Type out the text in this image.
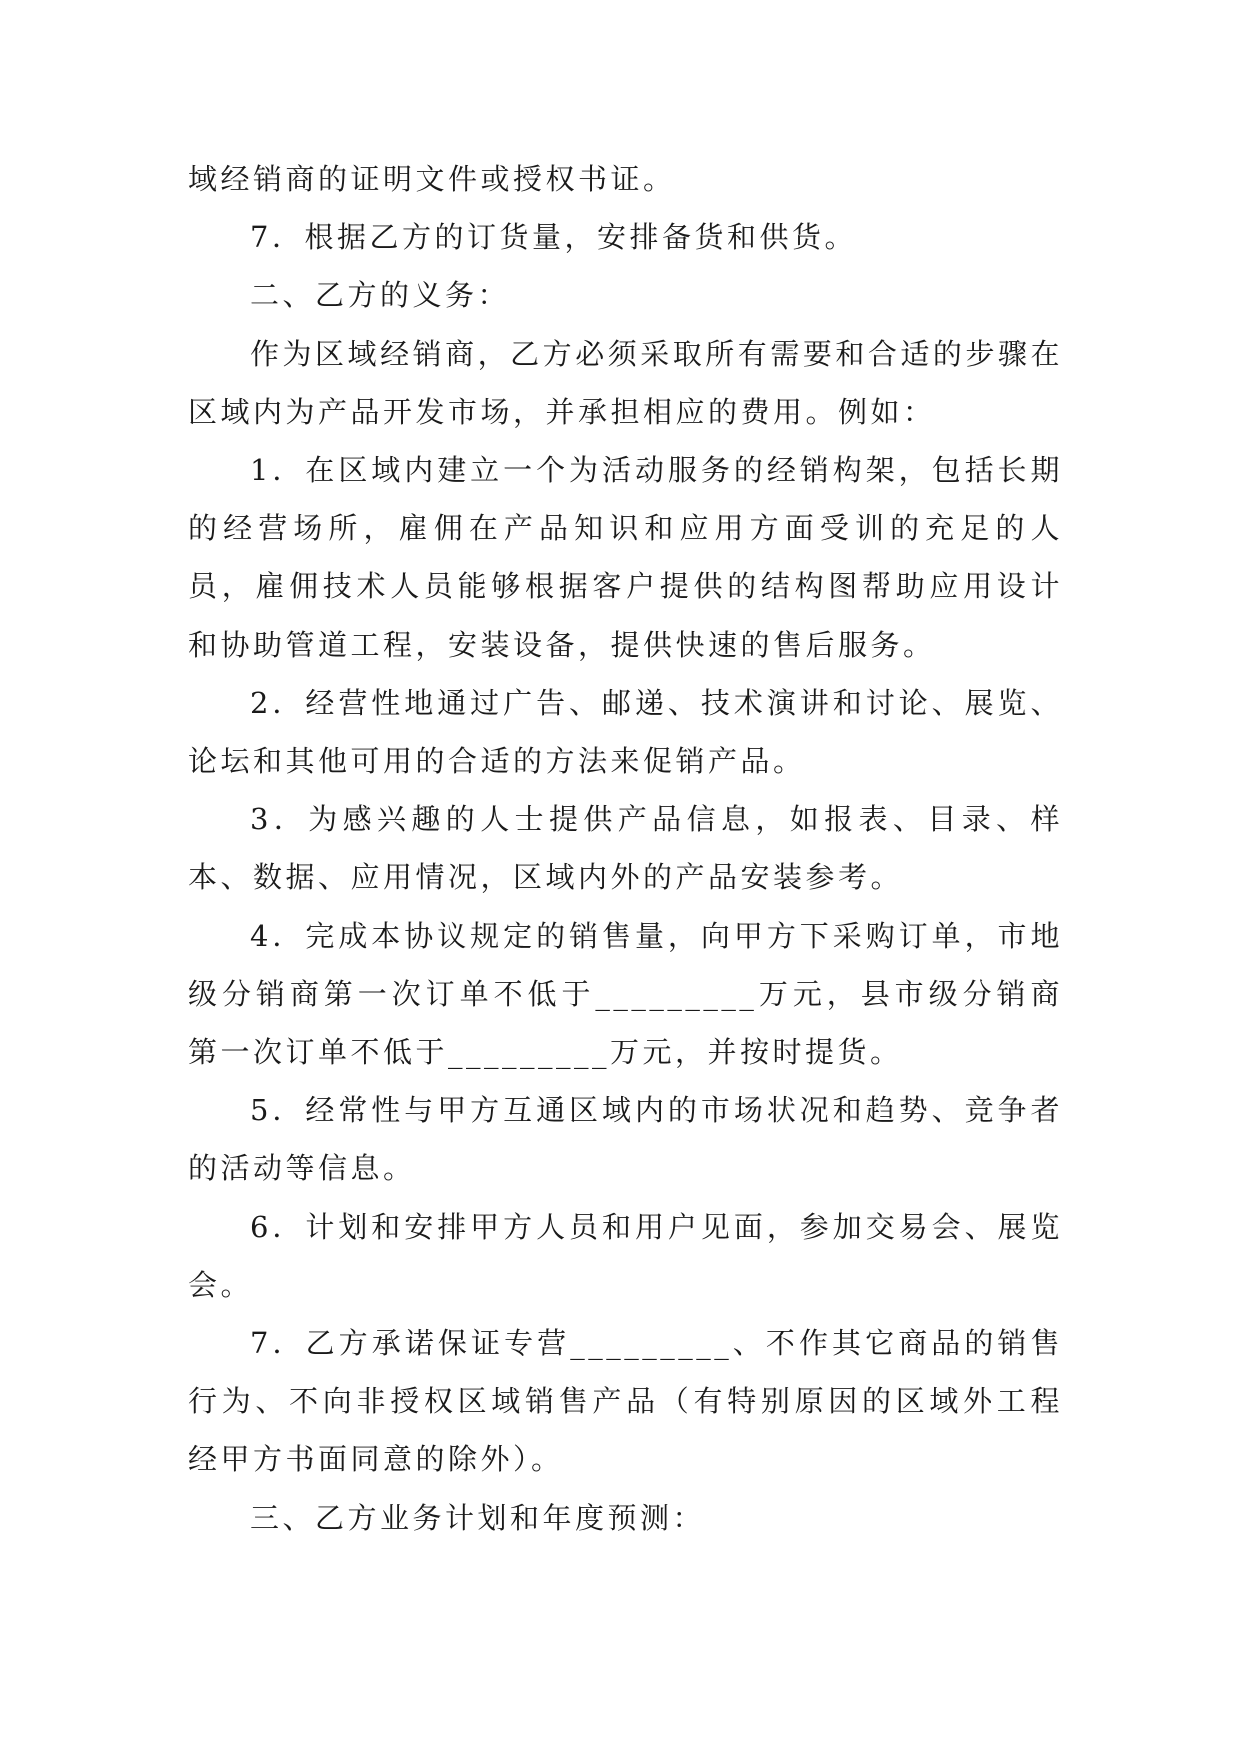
域经销商的证明文件或授权书证。

7．根据乙方的订货量，安排备货和供货。

二、乙方的义务：

作为区域经销商，乙方必须采取所有需要和合适的步骤在区域内为产品开发市场，并承担相应的费用。例如：

1．在区域内建立一个为活动服务的经销构架，包括长期的经营场所，雇佣在产品知识和应用方面受训的充足的人员，雇佣技术人员能够根据客户提供的结构图帮助应用设计和协助管道工程，安装设备，提供快速的售后服务。

2．经营性地通过广告、邮递、技术演讲和讨论、展览、论坛和其他可用的合适的方法来促销产品。

3．为感兴趣的人士提供产品信息，如报表、目录、样本、数据、应用情况，区域内外的产品安装参考。

4．完成本协议规定的销售量，向甲方下采购订单，市地级分销商第一次订单不低于_________万元，县市级分销商第一次订单不低于_________万元，并按时提货。

5．经常性与甲方互通区域内的市场状况和趋势、竞争者的活动等信息。

6．计划和安排甲方人员和用户见面，参加交易会、展览会。

7．乙方承诺保证专营_________、不作其它商品的销售行为、不向非授权区域销售产品（有特别原因的区域外工程经甲方书面同意的除外）。

三、乙方业务计划和年度预测：
